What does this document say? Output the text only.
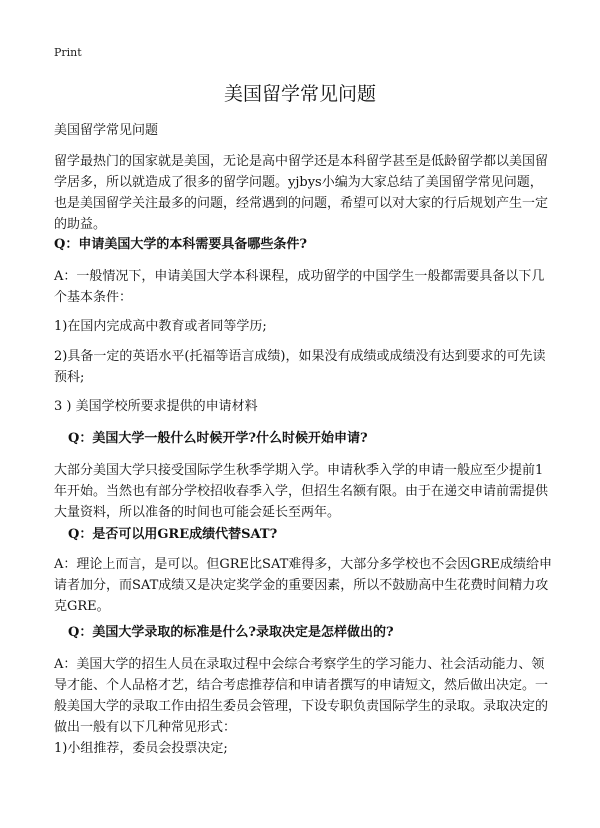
Print
美国留学常见问题

美国留学常见问题

留学最热门的国家就是美国，无论是高中留学还是本科留学甚至是低龄留学都以美国留学居多，所以就造成了很多的留学问题。yjbys小编为大家总结了美国留学常见问题，也是美国留学关注最多的问题，经常遇到的问题，希望可以对大家的行后规划产生一定的助益。

Q：申请美国大学的本科需要具备哪些条件?

A：一般情况下，申请美国大学本科课程，成功留学的中国学生一般都需要具备以下几个基本条件：

1)在国内完成高中教育或者同等学历;

2)具备一定的英语水平(托福等语言成绩)，如果没有成绩或成绩没有达到要求的可先读预科;

3 ) 美国学校所要求提供的申请材料

Q：美国大学一般什么时候开学?什么时候开始申请?

大部分美国大学只接受国际学生秋季学期入学。申请秋季入学的申请一般应至少提前1年开始。当然也有部分学校招收春季入学，但招生名额有限。由于在递交申请前需提供大量资料，所以准备的时间也可能会延长至两年。

Q：是否可以用GRE成绩代替SAT?

A：理论上而言，是可以。但GRE比SAT难得多，大部分多学校也不会因GRE成绩给申请者加分，而SAT成绩又是决定奖学金的重要因素，所以不鼓励高中生花费时间精力攻克GRE。

Q：美国大学录取的标准是什么?录取决定是怎样做出的?

A：美国大学的招生人员在录取过程中会综合考察学生的学习能力、社会活动能力、领导才能、个人品格才艺，结合考虑推荐信和申请者撰写的申请短文，然后做出决定。一般美国大学的录取工作由招生委员会管理，下设专职负责国际学生的录取。录取决定的做出一般有以下几种常见形式：

1)小组推荐，委员会投票决定;
